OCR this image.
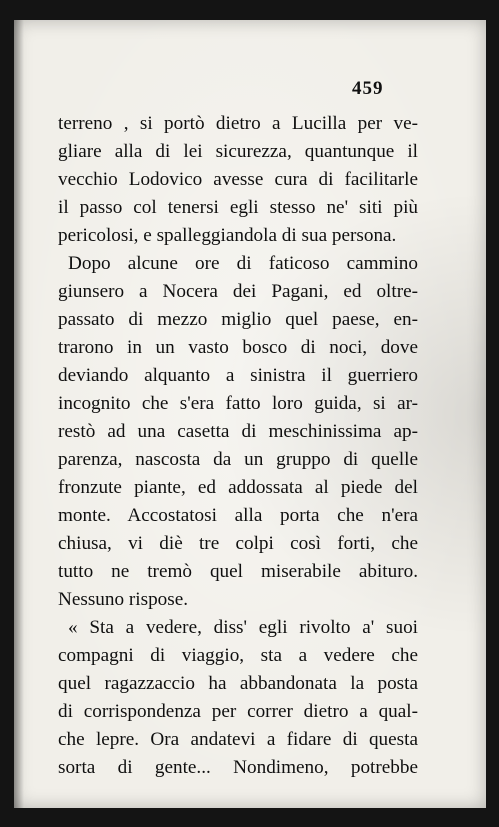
459
terreno , si portò dietro a Lucilla per ve-
gliare alla di lei sicurezza, quantunque il
vecchio Lodovico avesse cura di facilitarle
il passo col tenersi egli stesso ne' siti più
pericolosi, e spalleggiandola di sua persona.
Dopo alcune ore di faticoso cammino
giunsero a Nocera dei Pagani, ed oltre-
passato di mezzo miglio quel paese, en-
trarono in un vasto bosco di noci, dove
deviando alquanto a sinistra il guerriero
incognito che s'era fatto loro guida, si ar-
restò ad una casetta di meschinissima ap-
parenza, nascosta da un gruppo di quelle
fronzute piante, ed addossata al piede del
monte. Accostatosi alla porta che n'era
chiusa, vi diè tre colpi così forti, che
tutto ne tremò quel miserabile abituro.
Nessuno rispose.
« Sta a vedere, diss' egli rivolto a' suoi
compagni di viaggio, sta a vedere che
quel ragazzaccio ha abbandonata la posta
di corrispondenza per correr dietro a qual-
che lepre. Ora andatevi a fidare di questa
sorta di gente... Nondimeno, potrebbe
